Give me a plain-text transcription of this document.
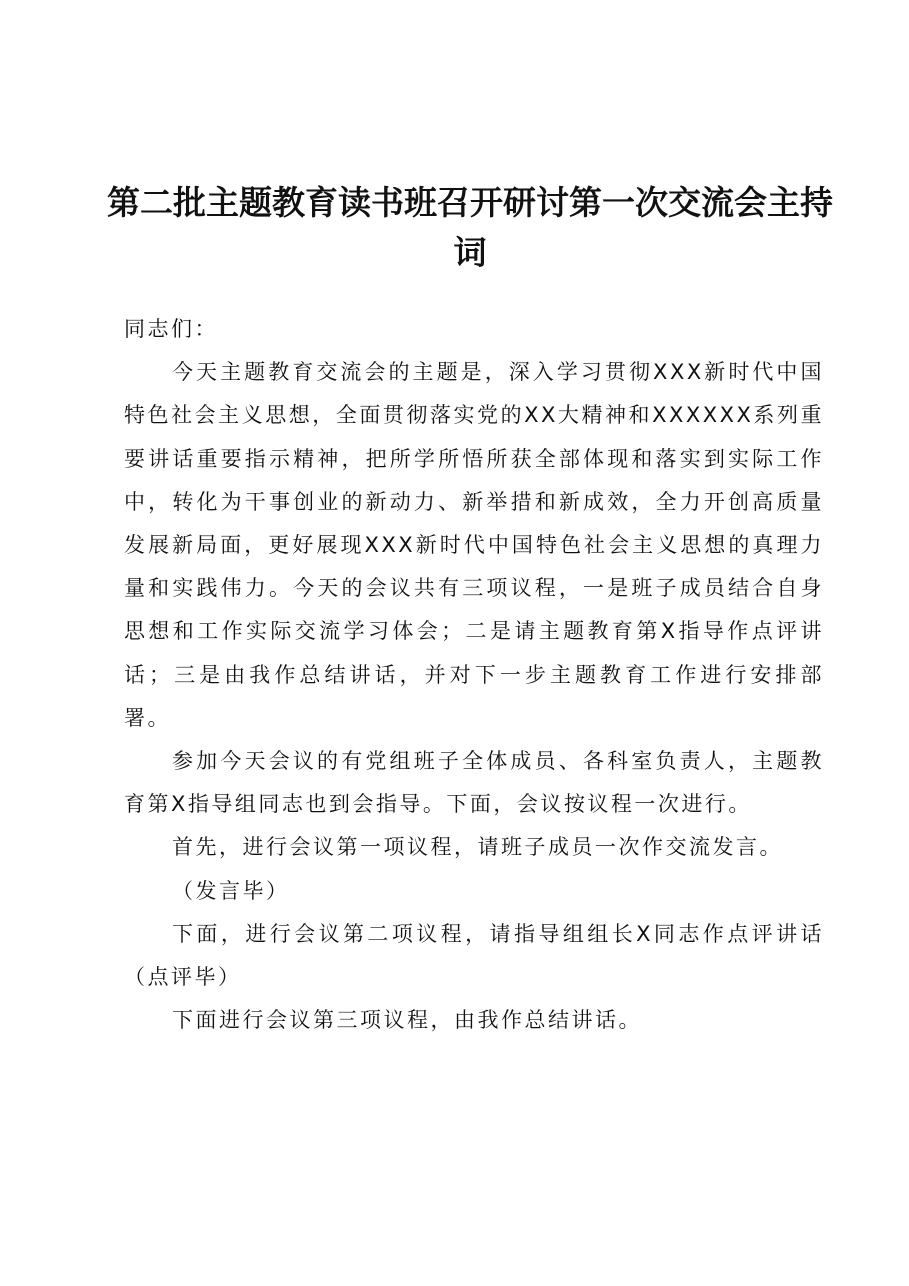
第二批主题教育读书班召开研讨第一次交流会主持词

同志们：

今天主题教育交流会的主题是，深入学习贯彻XXX新时代中国特色社会主义思想，全面贯彻落实党的XX大精神和XXXXXX系列重要讲话重要指示精神，把所学所悟所获全部体现和落实到实际工作中，转化为干事创业的新动力、新举措和新成效，全力开创高质量发展新局面，更好展现XXX新时代中国特色社会主义思想的真理力量和实践伟力。今天的会议共有三项议程，一是班子成员结合自身思想和工作实际交流学习体会；二是请主题教育第X指导作点评讲话；三是由我作总结讲话，并对下一步主题教育工作进行安排部署。

参加今天会议的有党组班子全体成员、各科室负责人，主题教育第X指导组同志也到会指导。下面，会议按议程一次进行。

首先，进行会议第一项议程，请班子成员一次作交流发言。

（发言毕）

下面，进行会议第二项议程，请指导组组长X同志作点评讲话（点评毕）

下面进行会议第三项议程，由我作总结讲话。
